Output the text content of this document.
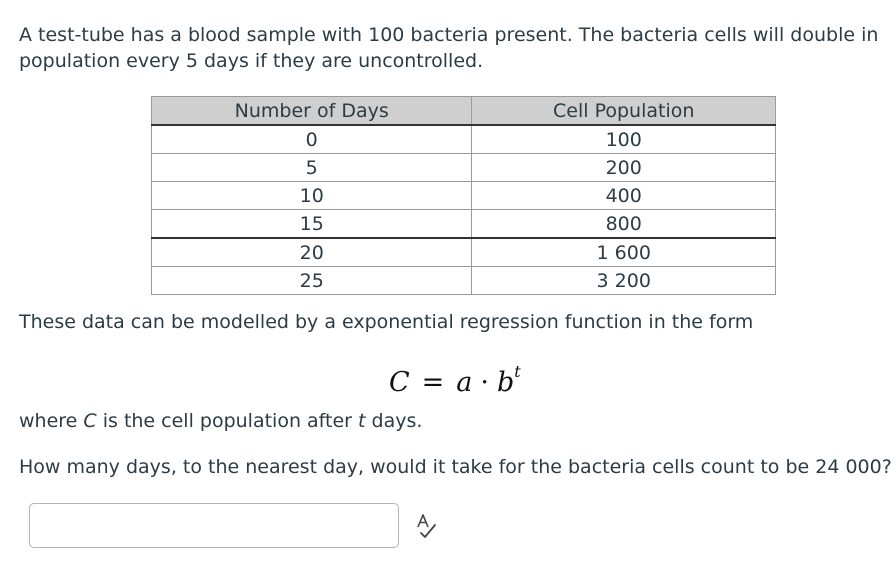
A test-tube has a blood sample with 100 bacteria present. The bacteria cells will double in
population every 5 days if they are uncontrolled.
Number of Days	Cell Population
0	100
5	200
10	400
15	800
20	1 600
25	3 200
These data can be modelled by a exponential regression function in the form
$C = a \cdot b^t$
where C is the cell population after t days.
How many days, to the nearest day, would it take for the bacteria cells count to be 24 000?
